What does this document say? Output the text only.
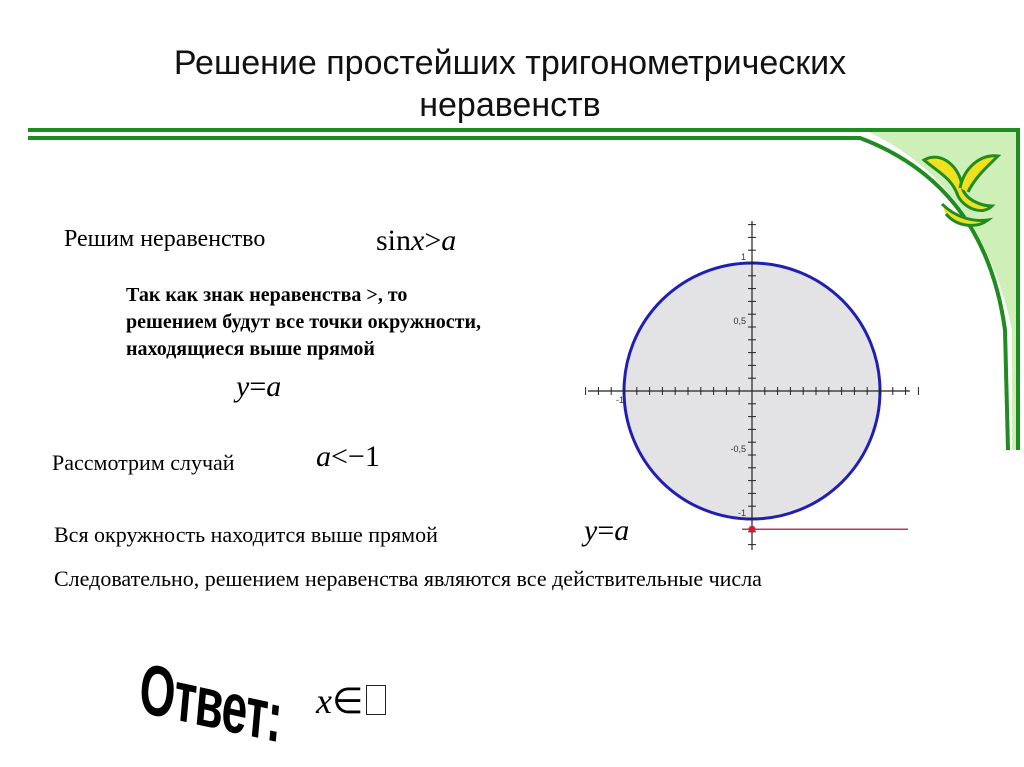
Решение простейших тригонометрических
неравенств
Решим неравенство	sinx>a
Так как знак неравенства >, то
решением будут все точки окружности,
находящиеся выше прямой
y=a
Рассмотрим случай	a<−1
Вся окружность находится выше прямой	y=a
Следовательно, решением неравенства являются все действительные числа
Ответ: x∈
1
0,5
-0,5
-1
-1
